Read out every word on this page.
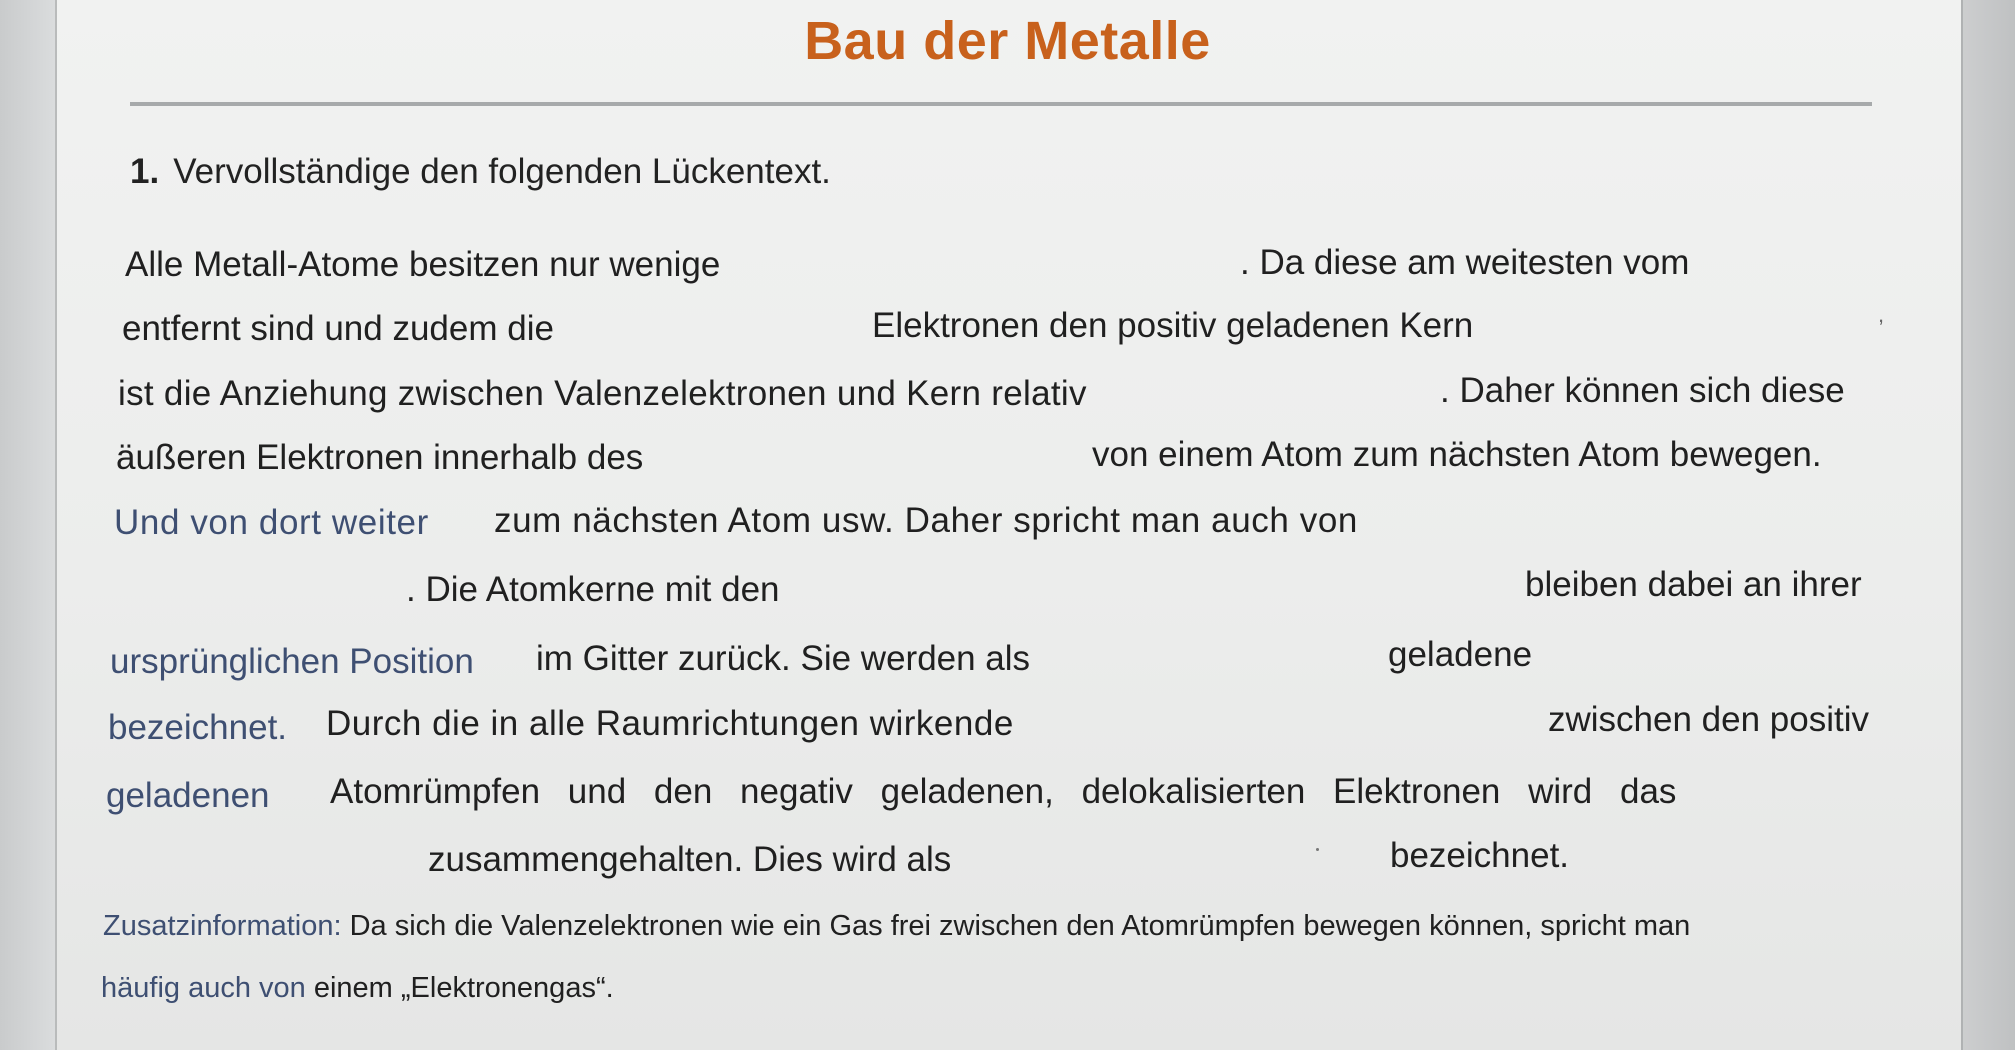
Bau der Metalle
1. Vervollständige den folgenden Lückentext.
Alle Metall-Atome besitzen nur wenige	. Da diese am weitesten vom
entfernt sind und zudem die	Elektronen den positiv geladenen Kern	,
ist die Anziehung zwischen Valenzelektronen und Kern relativ	. Daher können sich diese
äußeren Elektronen innerhalb des	von einem Atom zum nächsten Atom bewegen.
Und von dort weiter zum nächsten Atom usw. Daher spricht man auch von
. Die Atomkerne mit den	bleiben dabei an ihrer
ursprünglichen Position im Gitter zurück. Sie werden als	geladene
bezeichnet. Durch die in alle Raumrichtungen wirkende	zwischen den positiv
geladenen Atomrümpfen und den negativ geladenen, delokalisierten Elektronen wird das
zusammengehalten. Dies wird als	bezeichnet.
Zusatzinformation: Da sich die Valenzelektronen wie ein Gas frei zwischen den Atomrümpfen bewegen können, spricht man
häufig auch von einem „Elektronengas“.
